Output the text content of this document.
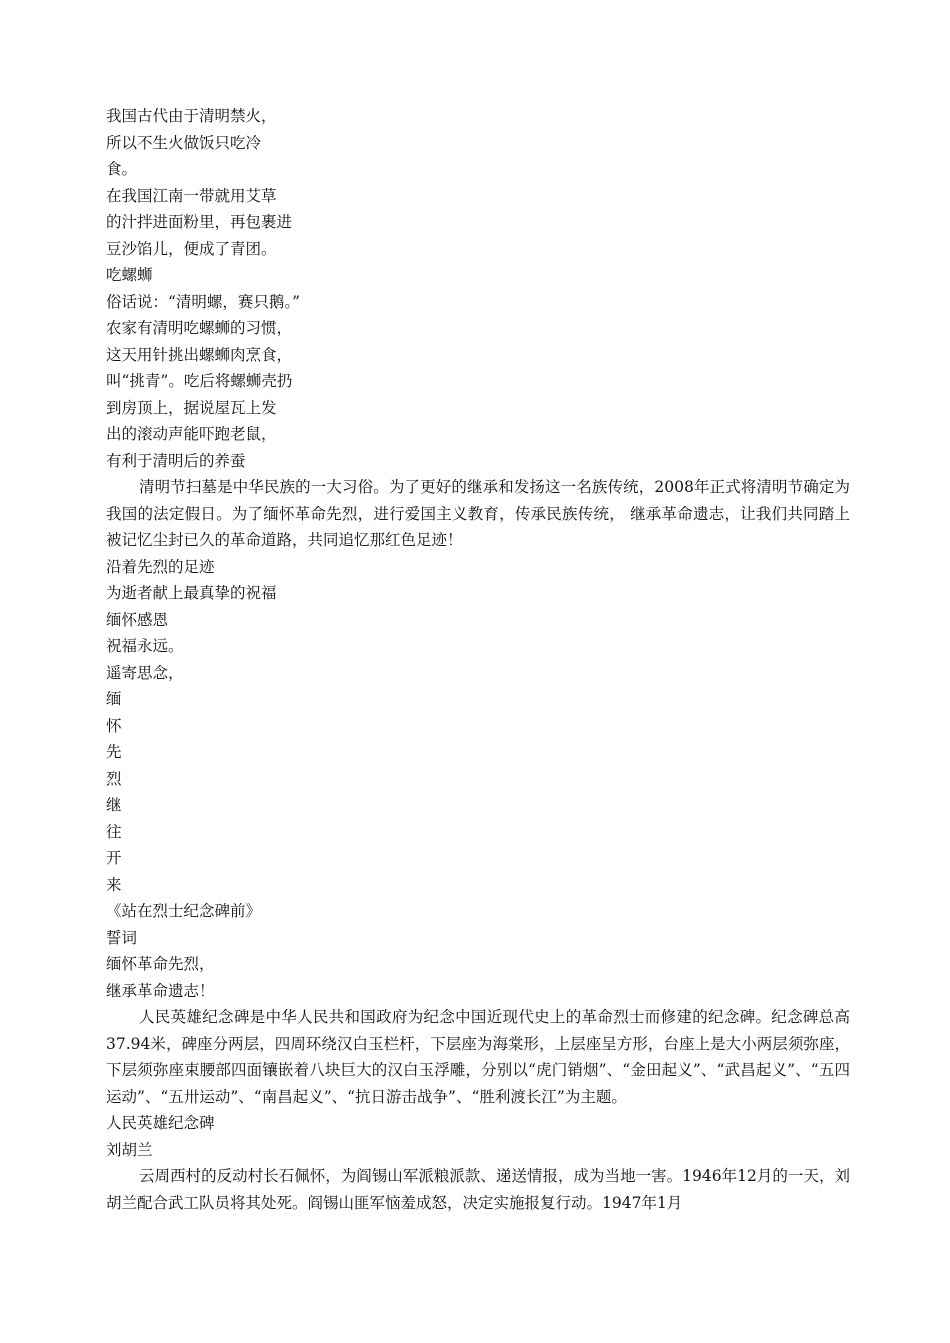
我国古代由于清明禁火，
所以不生火做饭只吃冷
食。
在我国江南一带就用艾草
的汁拌进面粉里，再包裹进
豆沙馅儿，便成了青团。
吃螺蛳
俗话说：“清明螺，赛只鹅。”
农家有清明吃螺蛳的习惯，
这天用针挑出螺蛳肉烹食，
叫“挑青”。吃后将螺蛳壳扔
到房顶上，据说屋瓦上发
出的滚动声能吓跑老鼠，
有利于清明后的养蚕

清明节扫墓是中华民族的一大习俗。为了更好的继承和发扬这一名族传统，2008年正式将清明节确定为我国的法定假日。为了缅怀革命先烈，进行爱国主义教育，传承民族传统， 继承革命遗志，让我们共同踏上被记忆尘封已久的革命道路，共同追忆那红色足迹！

沿着先烈的足迹
为逝者献上最真挚的祝福
缅怀感恩
祝福永远。
遥寄思念，
缅
怀
先
烈
继
往
开
来
《站在烈士纪念碑前》
誓词
缅怀革命先烈，
继承革命遗志！

人民英雄纪念碑是中华人民共和国政府为纪念中国近现代史上的革命烈士而修建的纪念碑。纪念碑总高37.94米，碑座分两层，四周环绕汉白玉栏杆，下层座为海棠形，上层座呈方形，台座上是大小两层须弥座，下层须弥座束腰部四面镶嵌着八块巨大的汉白玉浮雕，分别以“虎门销烟”、“金田起义”、“武昌起义”、“五四运动”、“五卅运动”、“南昌起义”、“抗日游击战争”、“胜利渡长江”为主题。

人民英雄纪念碑
刘胡兰

云周西村的反动村长石佩怀，为阎锡山军派粮派款、递送情报，成为当地一害。1946年12月的一天，刘胡兰配合武工队员将其处死。阎锡山匪军恼羞成怒，决定实施报复行动。1947年1月
